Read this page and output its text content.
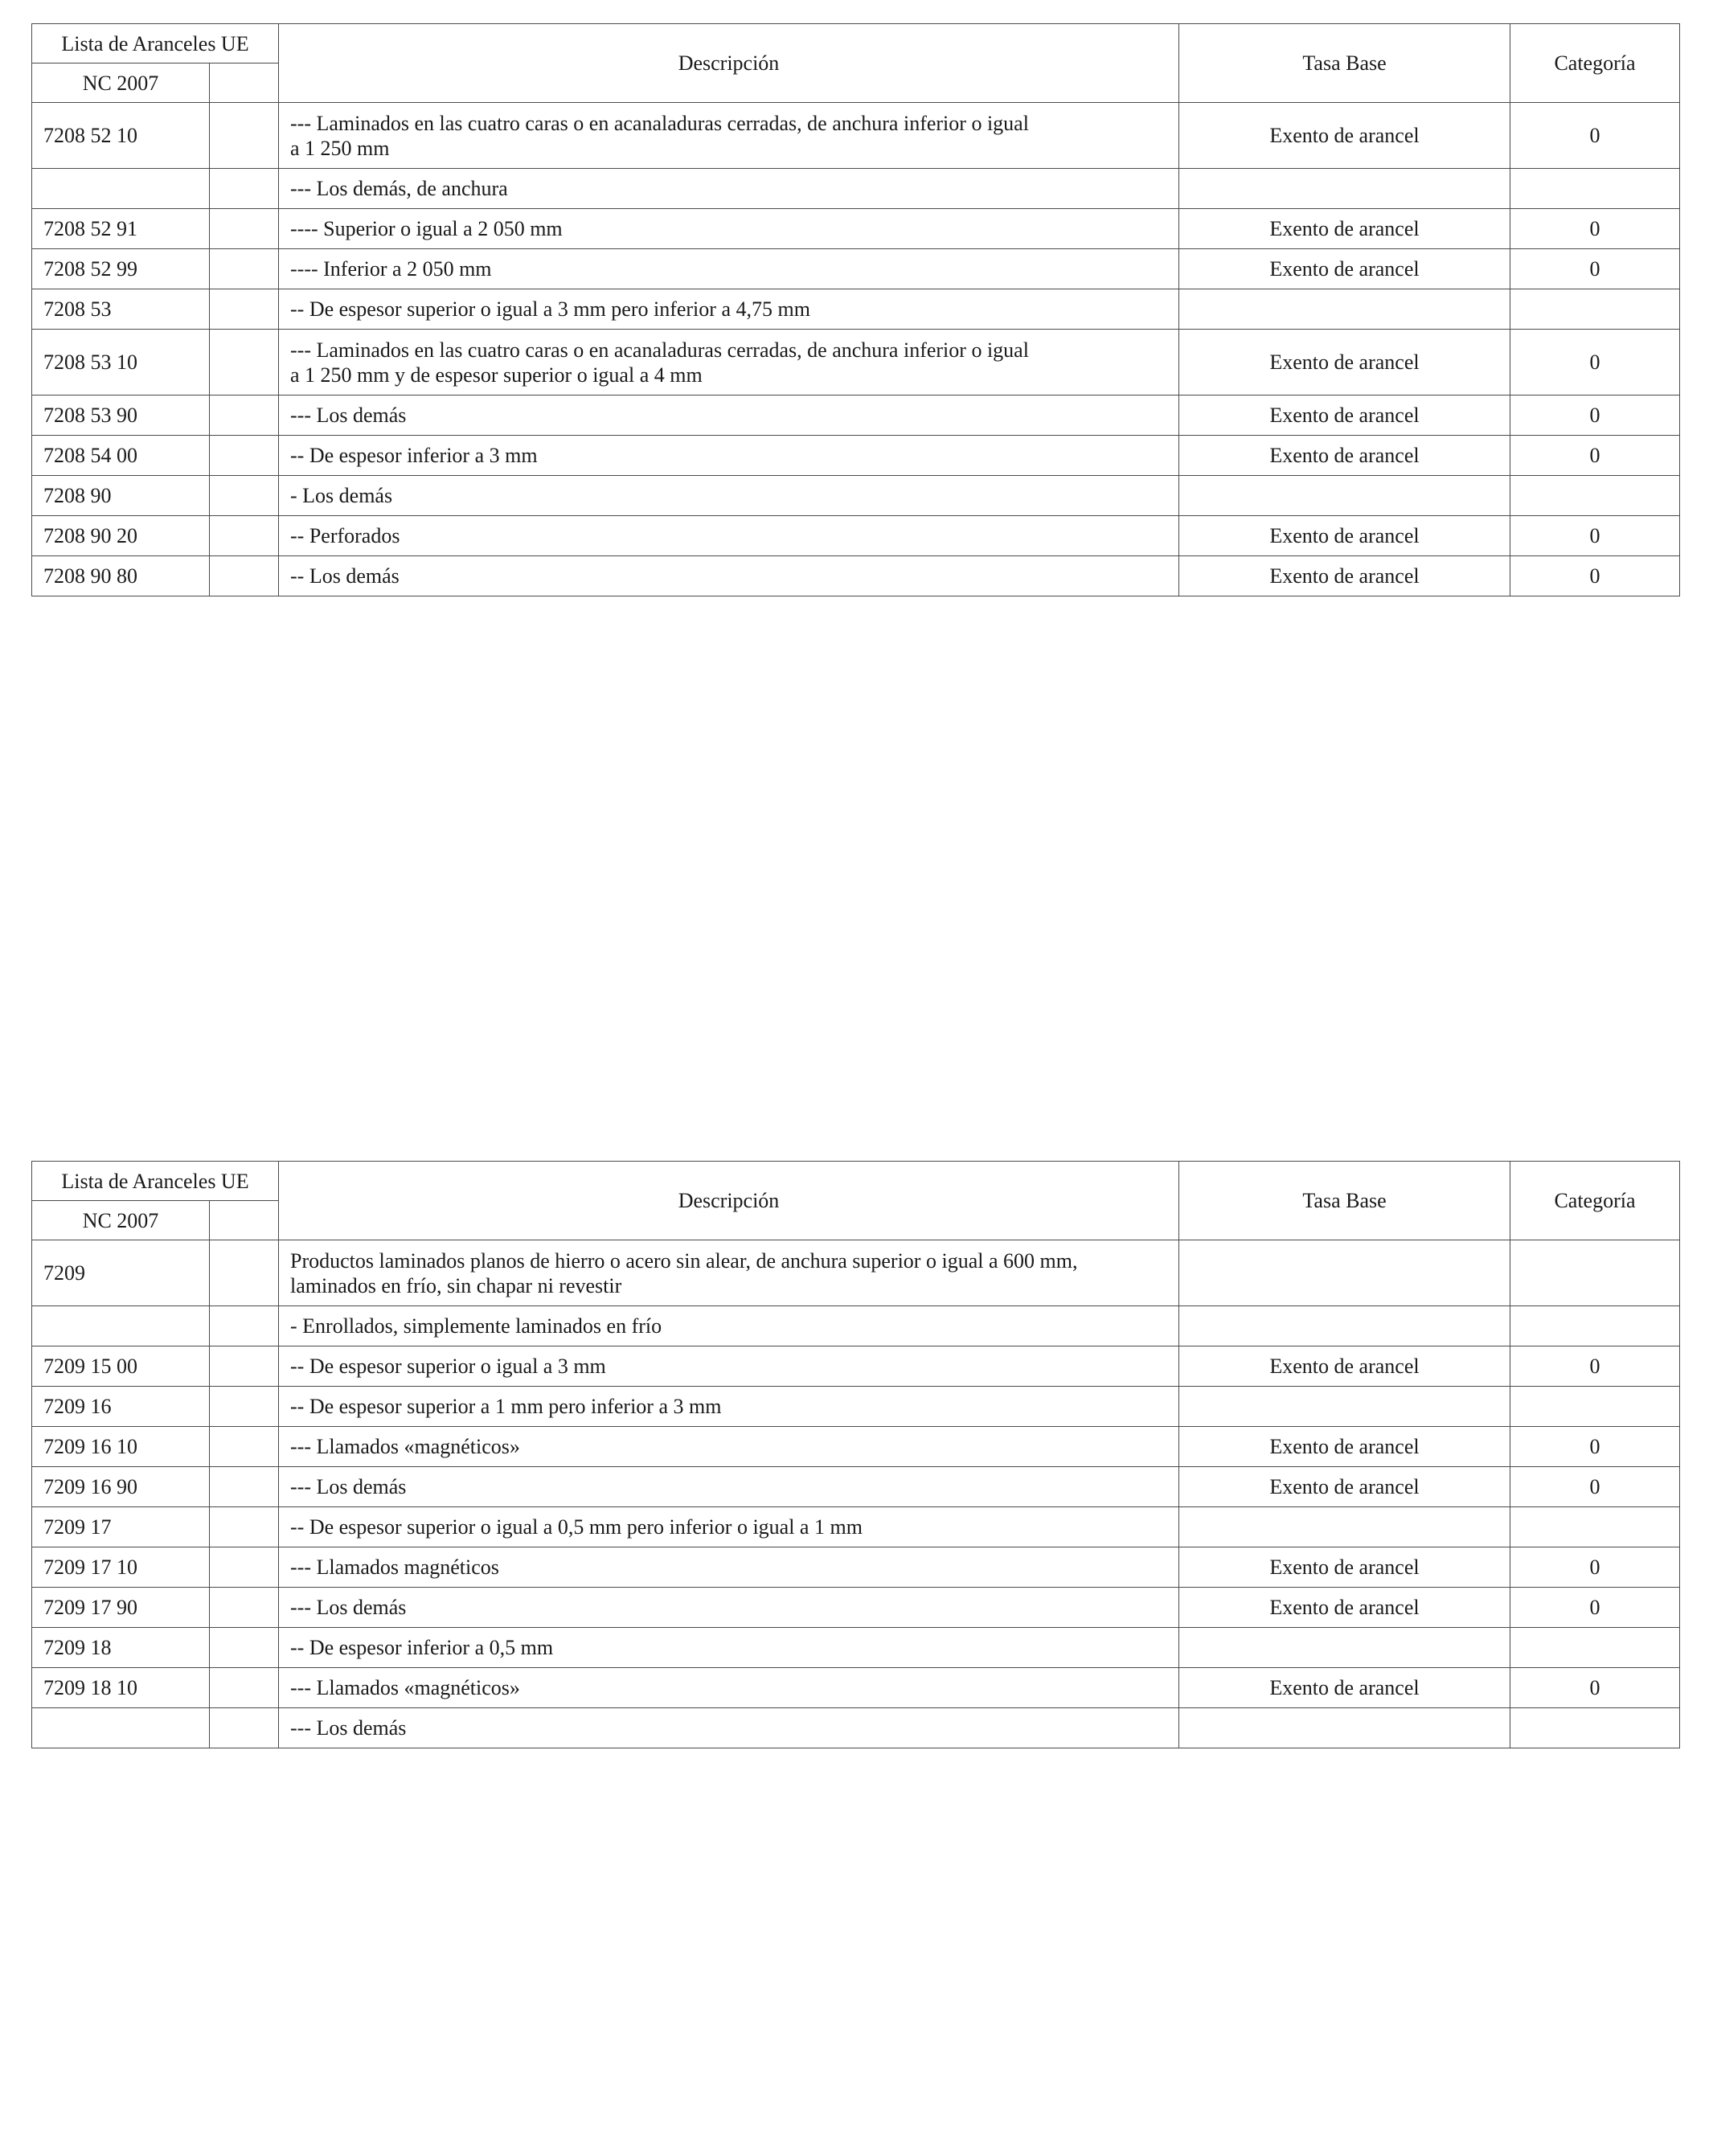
Lista de Aranceles UE		Descripción	Tasa Base	Categoría
NC 2007				
7208 52 10		--- Laminados en las cuatro caras o en acanaladuras cerradas, de anchura inferior o igual
a 1 250 mm	Exento de arancel	0
		--- Los demás, de anchura		
7208 52 91		---- Superior o igual a 2 050 mm	Exento de arancel	0
7208 52 99		---- Inferior a 2 050 mm	Exento de arancel	0
7208 53		-- De espesor superior o igual a 3 mm pero inferior a 4,75 mm		
7208 53 10		--- Laminados en las cuatro caras o en acanaladuras cerradas, de anchura inferior o igual
a 1 250 mm y de espesor superior o igual a 4 mm	Exento de arancel	0
7208 53 90		--- Los demás	Exento de arancel	0
7208 54 00		-- De espesor inferior a 3 mm	Exento de arancel	0
7208 90		- Los demás		
7208 90 20		-- Perforados	Exento de arancel	0
7208 90 80		-- Los demás	Exento de arancel	0
Lista de Aranceles UE		Descripción	Tasa Base	Categoría
NC 2007				
7209		Productos laminados planos de hierro o acero sin alear, de anchura superior o igual a 600 mm,
laminados en frío, sin chapar ni revestir		
		- Enrollados, simplemente laminados en frío		
7209 15 00		-- De espesor superior o igual a 3 mm	Exento de arancel	0
7209 16		-- De espesor superior a 1 mm pero inferior a 3 mm		
7209 16 10		--- Llamados «magnéticos»	Exento de arancel	0
7209 16 90		--- Los demás	Exento de arancel	0
7209 17		-- De espesor superior o igual a 0,5 mm pero inferior o igual a 1 mm		
7209 17 10		--- Llamados magnéticos	Exento de arancel	0
7209 17 90		--- Los demás	Exento de arancel	0
7209 18		-- De espesor inferior a 0,5 mm		
7209 18 10		--- Llamados «magnéticos»	Exento de arancel	0
		--- Los demás		
